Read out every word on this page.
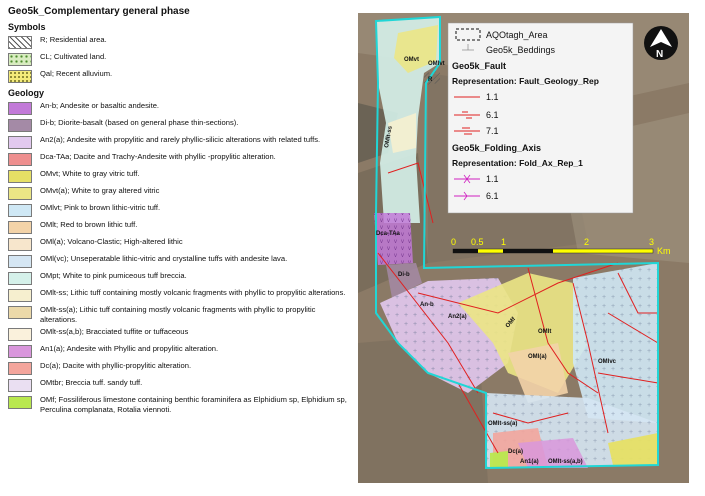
Geo5k_Complementary general phase
Symbols
R; Residential area.
CL; Cultivated land.
Qal; Recent alluvium.
Geology
An-b; Andesite or basaltic andesite.
Di-b; Diorite-basalt (based on general phase thin-sections).
An2(a); Andesite with propylitic and rarely phyllic-silicic alterations with related tuffs.
Dca-TAa; Dacite and Trachy-Andesite with phyllic -propylitic alteration.
OMvt; White to gray vitric tuff.
OMvt(a); White to gray altered vitric
OMlvt; Pink to brown lithic-vitric tuff.
OMlt; Red to brown lithic tuff.
OMl(a); Volcano-Clastic; High-altered lithic
OMl(vc); Unseperatable lithic-vitric and crystalline tuffs with andesite lava.
OMpt; White to pink pumiceous tuff breccia.
OMlt-ss; Lithic tuff containing mostly volcanic fragments with phyllic to propylitic alterations.
OMlt-ss(a); Lithic tuff containing mostly volcanic fragments with phyllic to propylitic alterations.
OMlt-ss(a,b); Bracciated tuffite or tuffaceous
An1(a); Andesite with Phyllic and propylitic alteration.
Dc(a); Dacite with phyllic-propylitic alteration.
OMtbr; Breccia tuff. sandy tuff.
OMf; Fossiliferous limestone containing benthic foraminifera as Elphidium sp, Elphidium sp, Perculina complanata, Rotalia viennoti.
OMvt
OMlvt
R
OMlt-ss
Dca-TAa
Di-b
An-b
An2(a)	OMf
OMlt
OMl(a)
OMlvc
OMlt-ss(a)
Dc(a)
An1(a) OMlt-ss(a,b)
0 0.5 1	2	3
Km
AQOtagh_Area
Geo5k_Beddings
Geo5k_Fault
Representation: Fault_Geology_Rep
1.1
6.1
7.1
Geo5k_Folding_Axis
Representation: Fold_Ax_Rep_1
1.1
6.1
N
